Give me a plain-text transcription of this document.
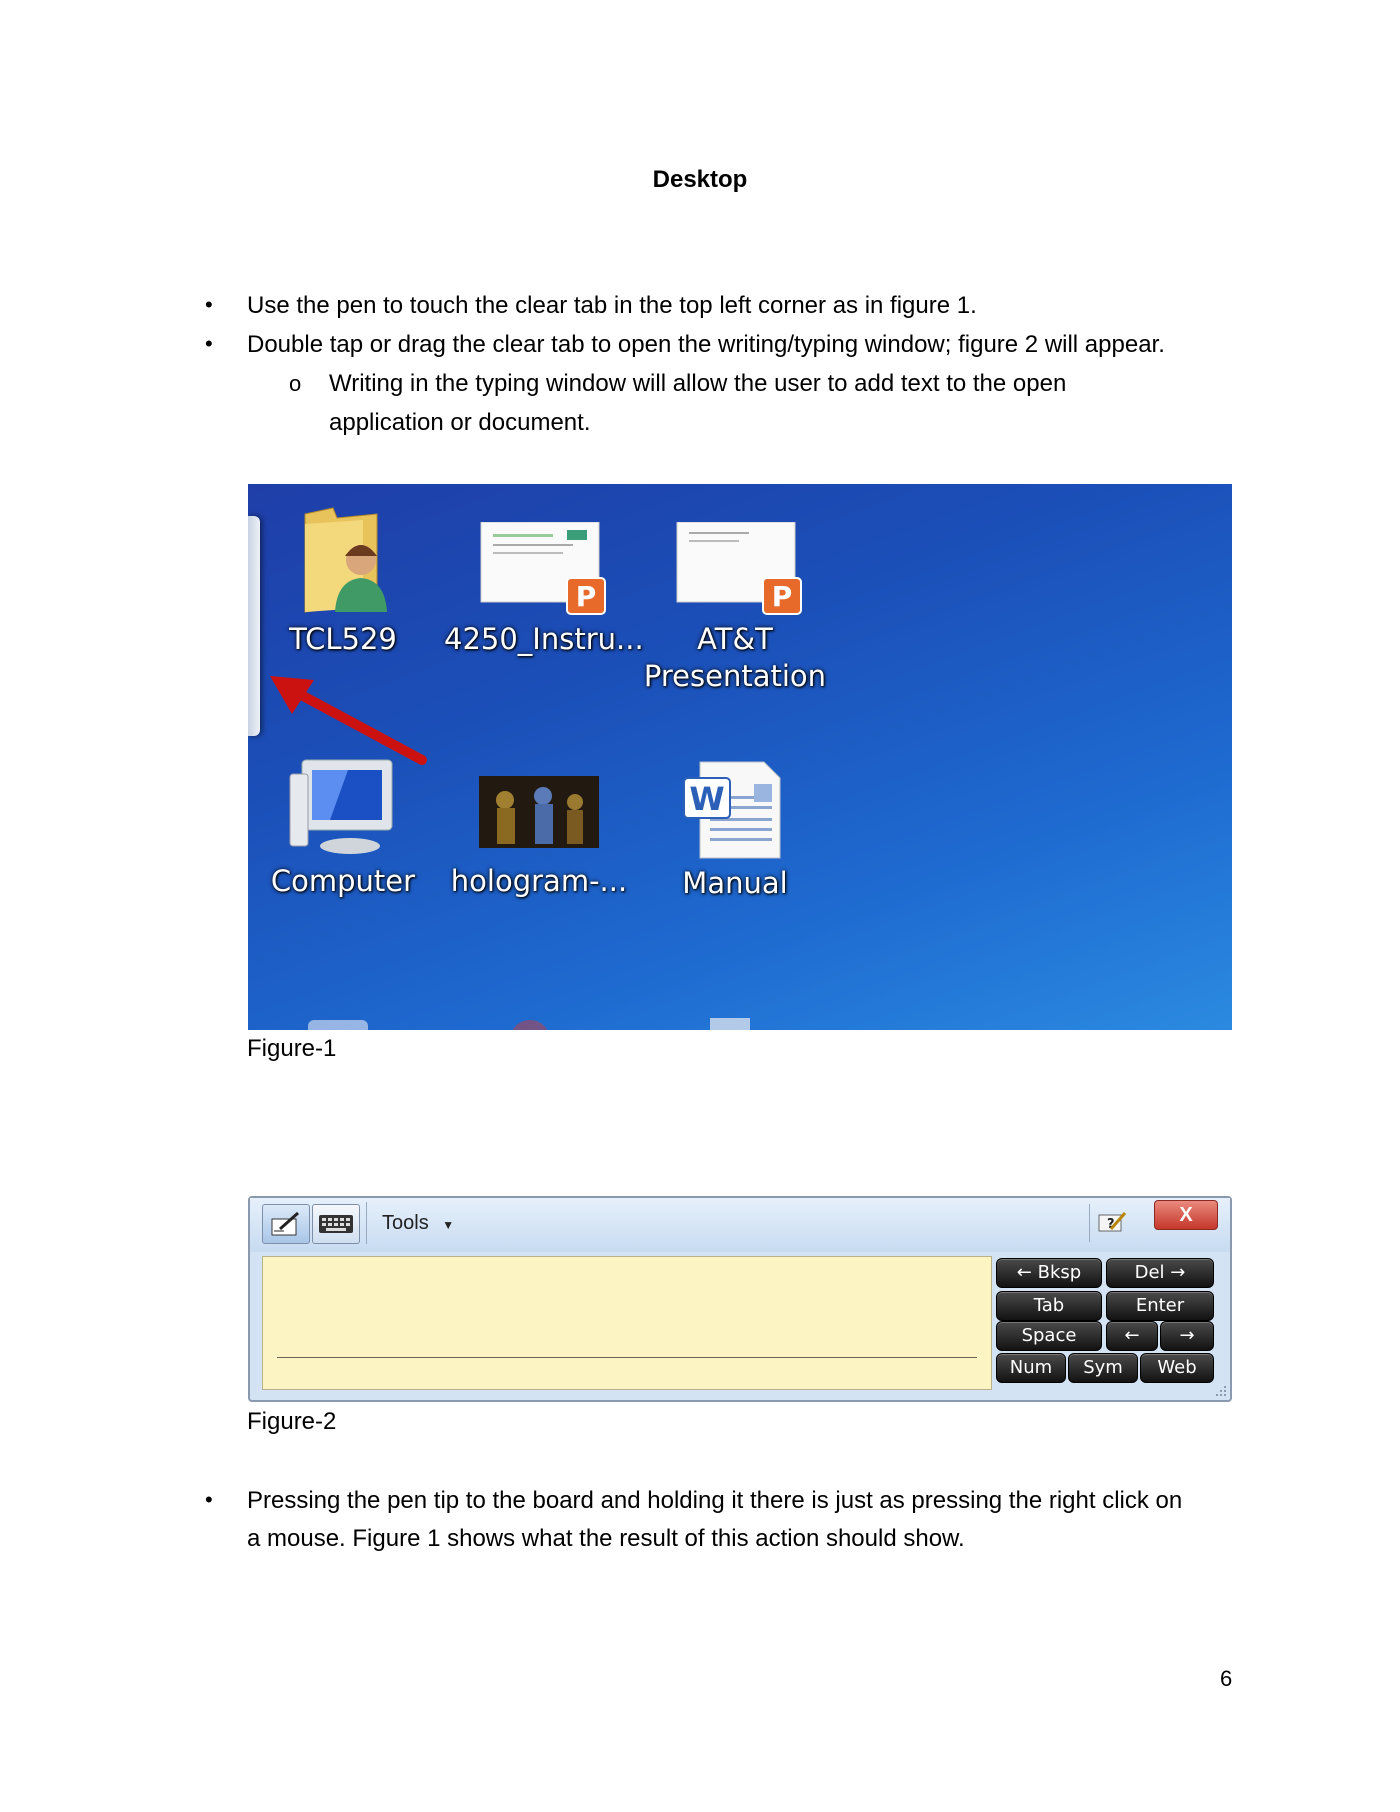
Desktop
• Use the pen to touch the clear tab in the top left corner as in figure 1.
• Double tap or drag the clear tab to open the writing/typing window; figure 2 will appear.
o Writing in the typing window will allow the user to add text to the open
application or document.
TCL529
P
4250_Instru...
P
AT&T
Presentation
Computer	hologram-...
W
Manual
Figure-1
Tools ▼	?	X
← Bksp	Del →
Tab	Enter
Space	←	→
Num	Sym	Web
Figure-2
• Pressing the pen tip to the board and holding it there is just as pressing the right click on
a mouse. Figure 1 shows what the result of this action should show.
6
